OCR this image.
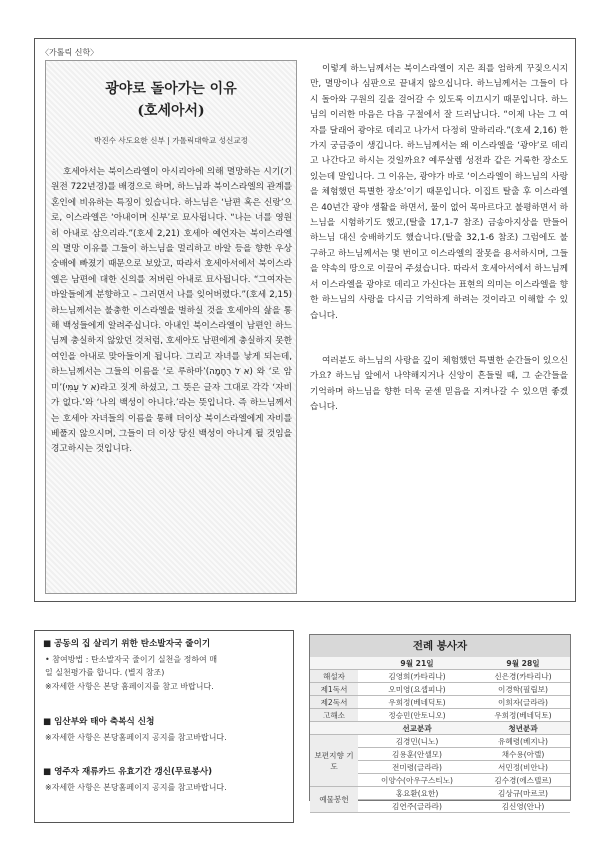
〈가톨릭 신학〉
광야로 돌아가는 이유
(호세아서)
박진수 사도요한 신부 | 가톨릭대학교 성신교정

호세아서는 북이스라엘이 아시리아에 의해 멸망하는 시기(기원전 722년경)를 배경으로 하며, 하느님과 북이스라엘의 관계를 혼인에 비유하는 특징이 있습니다. 하느님은 ‘남편 혹은 신랑’으로, 이스라엘은 ‘아내이며 신부’로 묘사됩니다. “나는 너를 영원히 아내로 삼으리라.”(호세 2,21) 호세아 예언자는 북이스라엘의 멸망 이유를 그들이 하느님을 멀리하고 바알 등을 향한 우상숭배에 빠졌기 때문으로 보았고, 따라서 호세아서에서 북이스라엘은 남편에 대한 신의를 저버린 아내로 묘사됩니다. “그여자는 바알들에게 분향하고 – 그러면서 나를 잊어버렸다.”(호세 2,15) 하느님께서는 불충한 이스라엘을 벌하실 것을 호세아의 삶을 통해 백성들에게 알려주십니다. 아내인 북이스라엘이 남편인 하느님께 충실하지 않았던 것처럼, 호세아도 남편에게 충실하지 못한 여인을 아내로 맞아들이게 됩니다. 그리고 자녀를 낳게 되는데, 하느님께서는 그들의 이름을 ‘로 루하마’(א ֹל רֻחָמָה) 와 ‘로 암미’(א ֹל עַמִּי)라고 짓게 하셨고, 그 뜻은 글자 그대로 각각 ‘자비가 없다.’와 ‘나의 백성이 아니다.’라는 뜻입니다. 즉 하느님께서는 호세아 자녀들의 이름을 통해 더이상 북이스라엘에게 자비를 베풀지 않으시며, 그들이 더 이상 당신 백성이 아니게 될 것임을 경고하시는 것입니다.

이렇게 하느님께서는 북이스라엘이 지은 죄를 엄하게 꾸짖으시지만, 멸망이나 심판으로 끝내지 않으십니다. 하느님께서는 그들이 다시 돌아와 구원의 길을 걸어갈 수 있도록 이끄시기 때문입니다. 하느님의 이러한 마음은 다음 구절에서 잘 드러납니다. “이제 나는 그 여자를 달래어 광야로 데리고 나가서 다정히 말하리라.”(호세 2,16) 한 가지 궁금증이 생깁니다. 하느님께서는 왜 이스라엘을 ‘광야’로 데리고 나간다고 하시는 것일까요? 예루살렘 성전과 같은 거룩한 장소도 있는데 말입니다. 그 이유는, 광야가 바로 ‘이스라엘이 하느님의 사랑을 체험했던 특별한 장소’이기 때문입니다. 이집트 탈출 후 이스라엘은 40년간 광야 생활을 하면서, 물이 없어 목마르다고 불평하면서 하느님을 시험하기도 했고,(탈출 17,1-7 참조) 금송아지상을 만들어 하느님 대신 숭배하기도 했습니다.(탈출 32,1-6 참조) 그럼에도 불구하고 하느님께서는 몇 번이고 이스라엘의 잘못을 용서하시며, 그들을 약속의 땅으로 이끌어 주셨습니다. 따라서 호세아서에서 하느님께서 이스라엘을 광야로 데리고 가신다는 표현의 의미는 이스라엘을 향한 하느님의 사랑을 다시금 기억하게 하려는 것이라고 이해할 수 있습니다.

여러분도 하느님의 사랑을 깊이 체험했던 특별한 순간들이 있으신가요? 하느님 앞에서 나약해지거나 신앙이 흔들릴 때, 그 순간들을 기억하며 하느님을 향한 더욱 굳센 믿음을 지켜나갈 수 있으면 좋겠습니다.

■ 공동의 집 살리기 위한 탄소발자국 줄이기
• 참여방법 : 탄소발자국 줄이기 실천을 정하여 매
일 실천평가를 합니다. (별지 참조)
※자세한 사항은 본당 홈페이지를 참고 바랍니다.
■ 임산부와 태아 축복식 신청
※자세한 사항은 본당홈페이지 공지를 참고바랍니다.
■ 영주자 재류카드 유효기간 갱신(무료봉사)
※자세한 사항은 본당홈페이지 공지를 참고바랍니다.
전례 봉사자
	9월 21일	9월 28일
해설자	김영희(카타리나)	신은경(카타리나)
제1독서	오미영(요셉피나)	이경학(필립보)
제2독서	우희정(베네딕토)	이희자(글라라)
고해소	정승민(안토니오)	우희정(베네딕토)
	선교분과	청년분과
보편지향 기 도	김경민(니노)	유혜령(베지나)
	김용훈(안셀모)	채수용(아렐)
	전미령(글라라)	서민정(비안나)
	이양수(아우구스티노)	김수경(에스텔르)
예물봉헌	홍요환(요한)	김상규(마르코)
	김연주(글라라)	김신영(안나)
